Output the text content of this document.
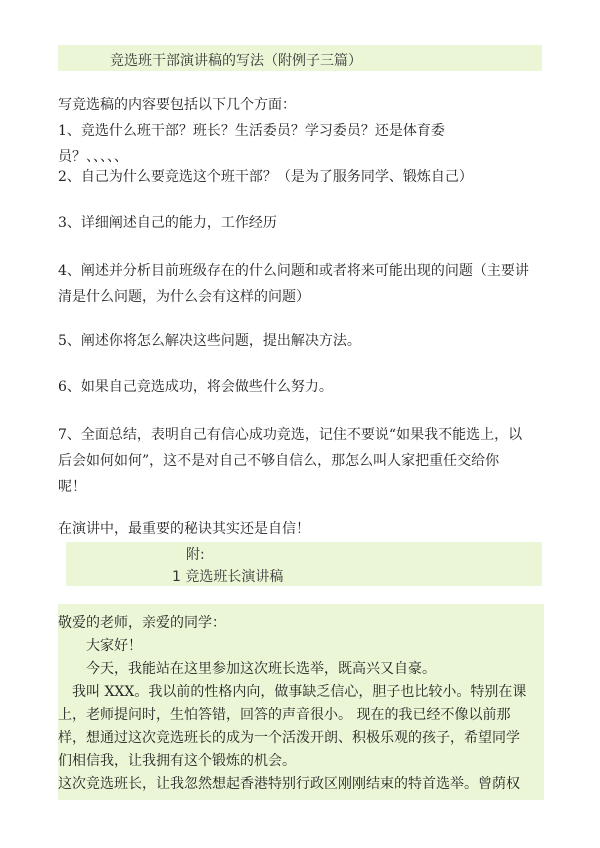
竞选班干部演讲稿的写法（附例子三篇）
写竞选稿的内容要包括以下几个方面：
1、竞选什么班干部？班长？生活委员？学习委员？还是体育委
员？、、、、、
2、自己为什么要竞选这个班干部？（是为了服务同学、锻炼自己）
3、详细阐述自己的能力，工作经历
4、阐述并分析目前班级存在的什么问题和或者将来可能出现的问题（主要讲
清是什么问题，为什么会有这样的问题）
5、阐述你将怎么解决这些问题，提出解决方法。
6、如果自己竞选成功，将会做些什么努力。
7、全面总结，表明自己有信心成功竞选，记住不要说“如果我不能选上，以
后会如何如何”，这不是对自己不够自信么，那怎么叫人家把重任交给你
呢！
在演讲中，最重要的秘诀其实还是自信！
附:
1 竞选班长演讲稿
敬爱的老师，亲爱的同学：
　　大家好！
　　今天，我能站在这里参加这次班长选举，既高兴又自豪。
　我叫 XXX。我以前的性格内向，做事缺乏信心，胆子也比较小。特别在课
上，老师提问时，生怕答错，回答的声音很小。 现在的我已经不像以前那
样，想通过这次竞选班长的成为一个活泼开朗、积极乐观的孩子，希望同学
们相信我，让我拥有这个锻炼的机会。
这次竞选班长，让我忽然想起香港特别行政区刚刚结束的特首选举。曾荫权
